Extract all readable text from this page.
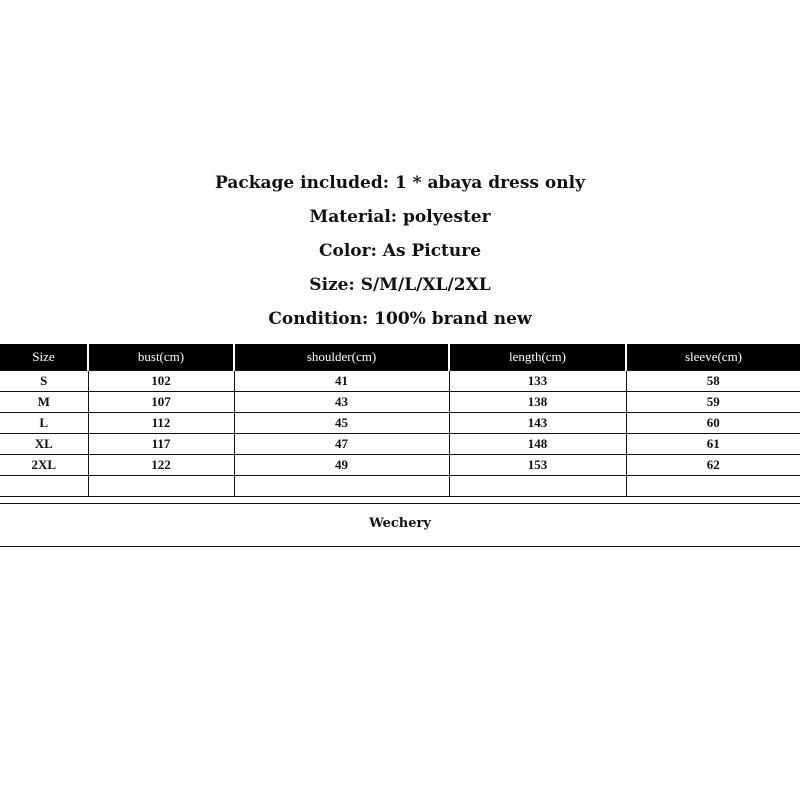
Package included: 1 * abaya dress only
Material: polyester
Color: As Picture
Size: S/M/L/XL/2XL
Condition: 100% brand new
Size	bust(cm)	shoulder(cm)	length(cm)	sleeve(cm)
S	102	41	133	58
M	107	43	138	59
L	112	45	143	60
XL	117	47	148	61
2XL	122	49	153	62

Wechery
